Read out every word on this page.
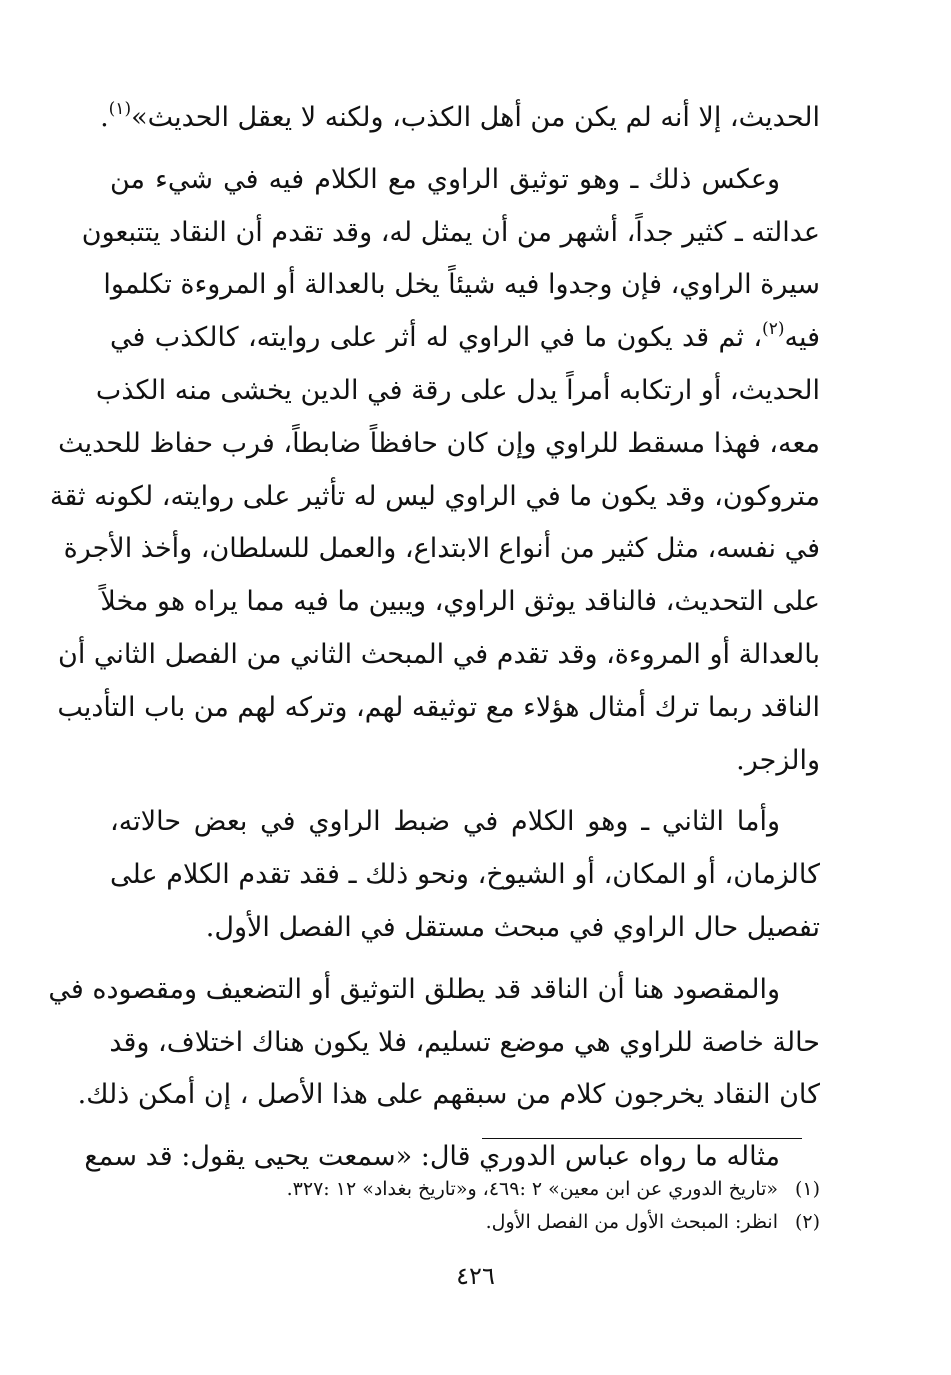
الحديث، إلا أنه لم يكن من أهل الكذب، ولكنه لا يعقل الحديث»$^{(١)}$.

وعكس ذلك ـ وهو توثيق الراوي مع الكلام فيه في شيء من

عدالته ـ كثير جداً، أشهر من أن يمثل له، وقد تقدم أن النقاد يتتبعون

سيرة الراوي، فإن وجدوا فيه شيئاً يخل بالعدالة أو المروءة تكلموا

فيه$^{(٢)}$، ثم قد يكون ما في الراوي له أثر على روايته، كالكذب في

الحديث، أو ارتكابه أمراً يدل على رقة في الدين يخشى منه الكذب

معه، فهذا مسقط للراوي وإن كان حافظاً ضابطاً، فرب حفاظ للحديث

متروكون، وقد يكون ما في الراوي ليس له تأثير على روايته، لكونه ثقة

في نفسه، مثل كثير من أنواع الابتداع، والعمل للسلطان، وأخذ الأجرة

على التحديث، فالناقد يوثق الراوي، ويبين ما فيه مما يراه هو مخلاً

بالعدالة أو المروءة، وقد تقدم في المبحث الثاني من الفصل الثاني أن

الناقد ربما ترك أمثال هؤلاء مع توثيقه لهم، وتركه لهم من باب التأديب

والزجر.

وأما الثاني ـ وهو الكلام في ضبط الراوي في بعض حالاته،

كالزمان، أو المكان، أو الشيوخ، ونحو ذلك ـ فقد تقدم الكلام على

تفصيل حال الراوي في مبحث مستقل في الفصل الأول.

والمقصود هنا أن الناقد قد يطلق التوثيق أو التضعيف ومقصوده في

حالة خاصة للراوي هي موضع تسليم، فلا يكون هناك اختلاف، وقد

كان النقاد يخرجون كلام من سبقهم على هذا الأصل ، إن أمكن ذلك.

مثاله ما رواه عباس الدوري قال: «سمعت يحيى يقول: قد سمع

(١)«تاريخ الدوري عن ابن معين» ٢ :٤٦٩، و«تاريخ بغداد» ١٢ :٣٢٧.
(٢)انظر: المبحث الأول من الفصل الأول.
٤٢٦
